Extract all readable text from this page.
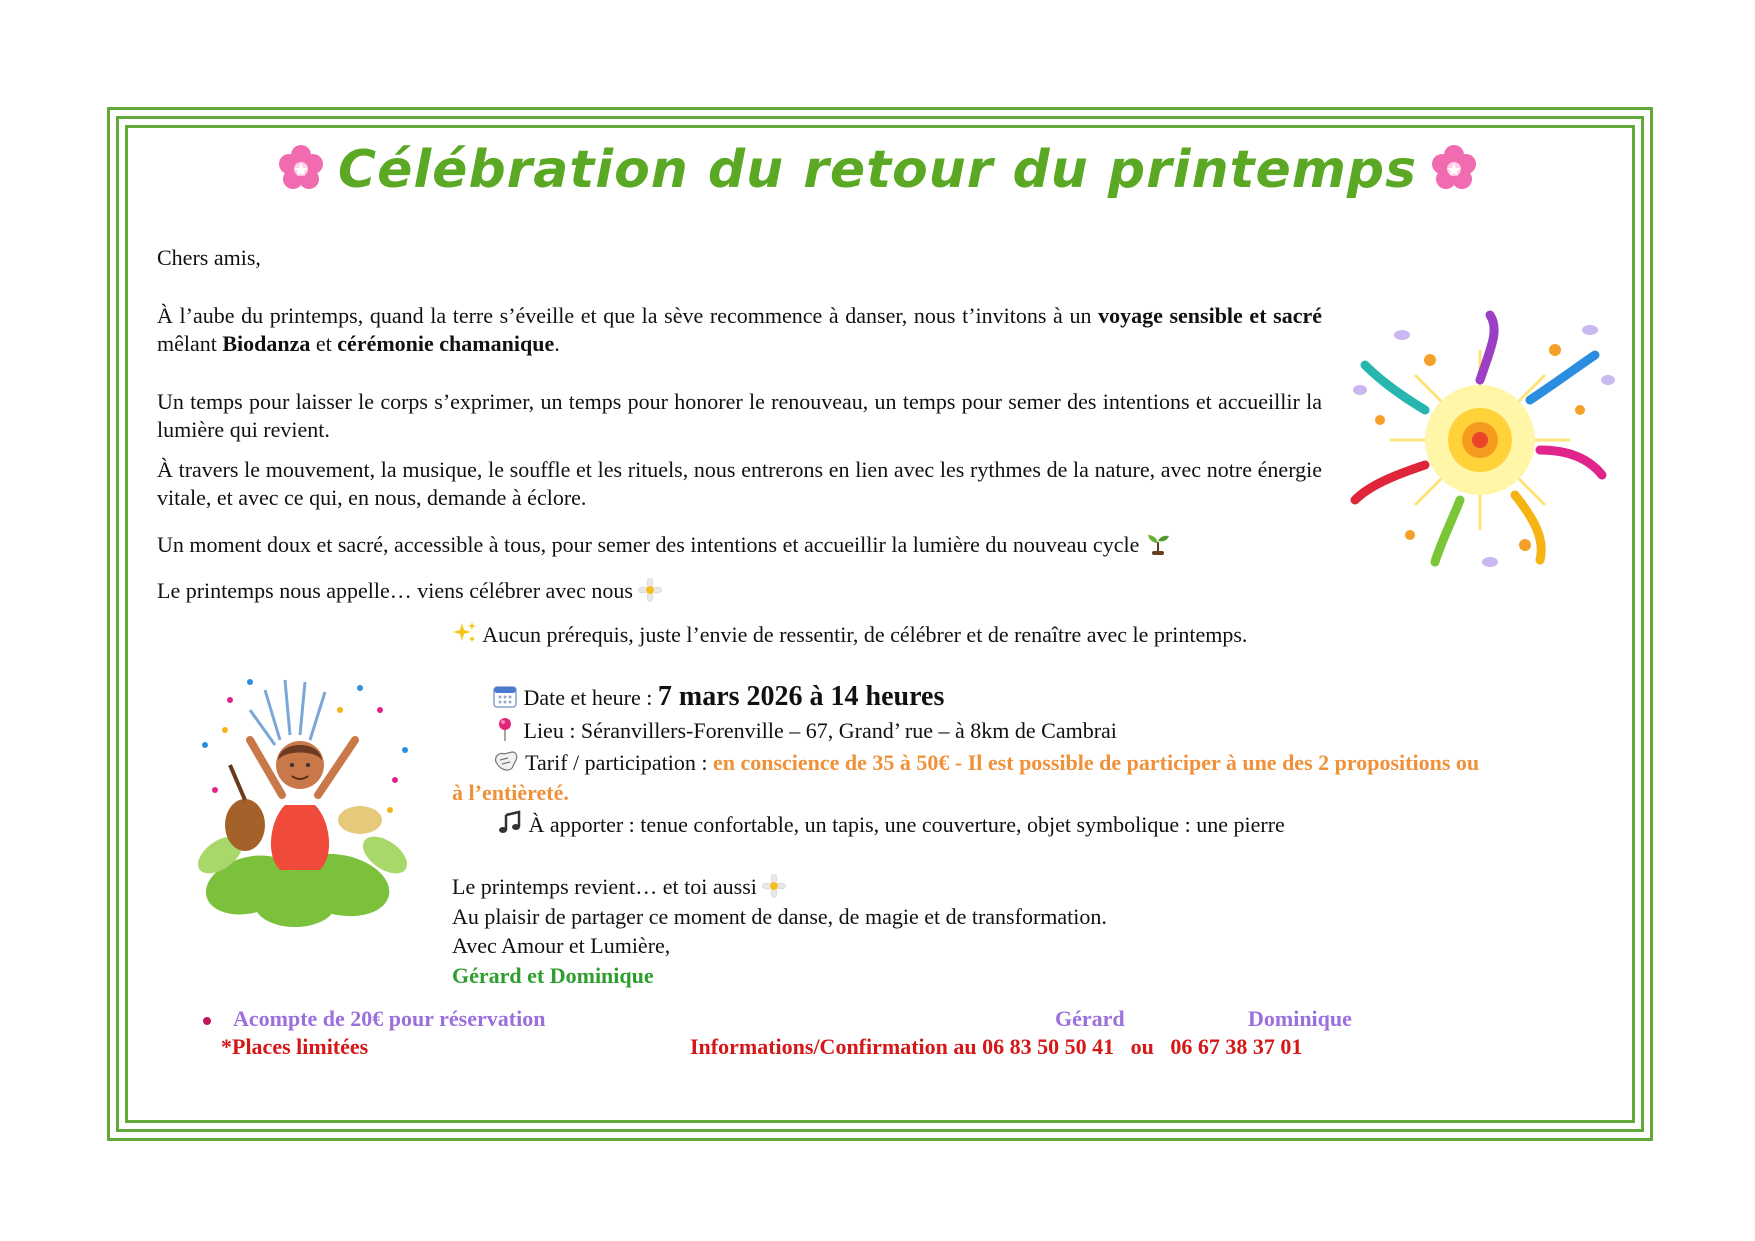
Célébration du retour du printemps
Chers amis,
À l’aube du printemps, quand la terre s’éveille et que la sève recommence à danser, nous t’invitons à un voyage sensible et sacré mêlant Biodanza et cérémonie chamanique.
Un temps pour laisser le corps s’exprimer, un temps pour honorer le renouveau, un temps pour semer des intentions et accueillir la lumière qui revient.
À travers le mouvement, la musique, le souffle et les rituels, nous entrerons en lien avec les rythmes de la nature, avec notre énergie vitale, et avec ce qui, en nous, demande à éclore.
Un moment doux et sacré, accessible à tous, pour semer des intentions et accueillir la lumière du nouveau cycle
Le printemps nous appelle… viens célébrer avec nous
Aucun prérequis, juste l’envie de ressentir, de célébrer et de renaître avec le printemps.
Date et heure : 7 mars 2026 à 14 heures
Lieu : Séranvillers-Forenville – 67, Grand’ rue – à 8km de Cambrai
Tarif / participation : en conscience de 35 à 50€ - Il est possible de participer à une des 2 propositions ou
à l’entièreté.
À apporter : tenue confortable, un tapis, une couverture, objet symbolique : une pierre
Le printemps revient… et toi aussi
Au plaisir de partager ce moment de danse, de magie et de transformation.
Avec Amour et Lumière,
Gérard et Dominique
Acompte de 20€ pour réservation	Gérard	Dominique
*Places limitées	Informations/Confirmation au 06 83 50 50 41   ou   06 67 38 37 01
